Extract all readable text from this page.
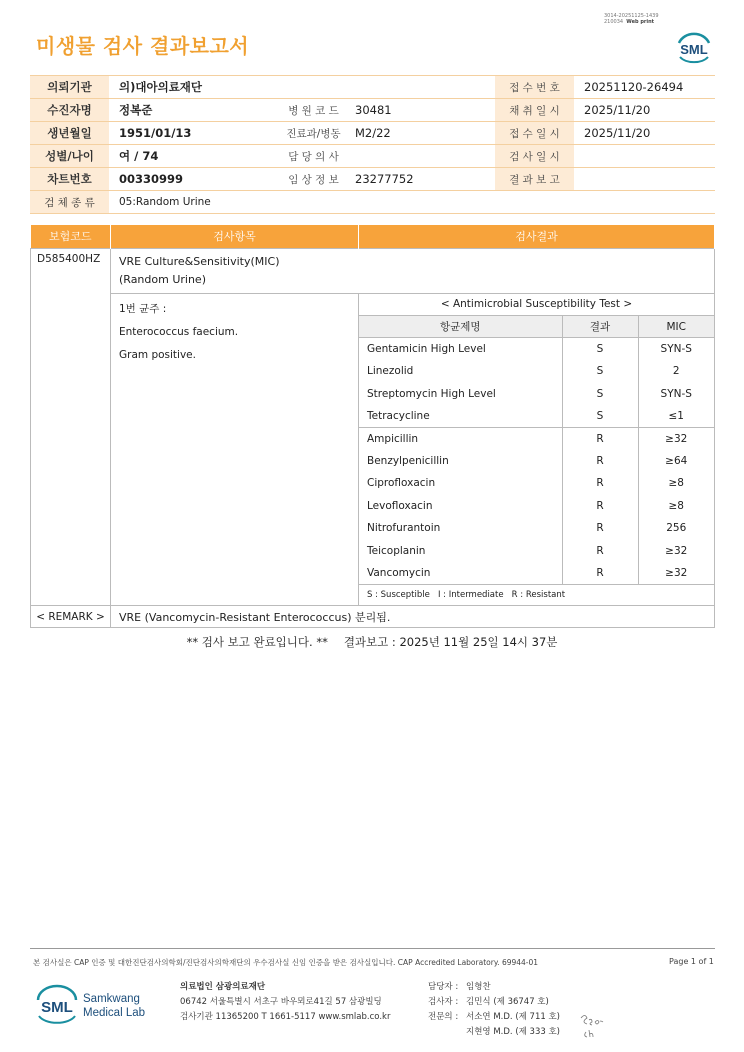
3014-20251125-1439
210034 Web print
미생물 검사 결과보고서	SML
의뢰기관	의)대아의료재단			접 수 번 호	20251120-26494
수진자명	정복준	병 원 코 드	30481	채 취 일 시	2025/11/20
생년월일	1951/01/13	진료과/병동	M2/22	접 수 일 시	2025/11/20
성별/나이	여 / 74	담 당 의 사		검 사 일 시	
차트번호	00330999	임 상 정 보	23277752	결 과 보 고	
검 체 종 류	05:Random Urine				
보험코드	검사항목	검사결과
D585400HZ	VRE Culture&Sensitivity(MIC)
(Random Urine)

1번 균주 :
Enterococcus faecium.
Gram positive.

< Antimicrobial Susceptibility Test >
항균제명	결과	MIC
Gentamicin High Level	S	SYN-S
Linezolid	S	2
Streptomycin High Level	S	SYN-S
Tetracycline	S	≤1
Ampicillin	R	≥32
Benzylpenicillin	R	≥64
Ciprofloxacin	R	≥8
Levofloxacin	R	≥8
Nitrofurantoin	R	256
Teicoplanin	R	≥32
Vancomycin	R	≥32
S : Susceptible   I : Intermediate   R : Resistant

< REMARK >	VRE (Vancomycin-Resistant Enterococcus) 분리됨.
** 검사 보고 완료입니다. ** 결과보고 : 2025년 11월 25일 14시 37분
본 검사실은 CAP 인증 및 대한진단검사의학회/진단검사의학재단의 우수검사실 신임 인증을 받은 검사실입니다. CAP Accredited Laboratory. 69944-01	Page 1 of 1
SML Samkwang
Medical Lab
의료법인 삼광의료재단
06742 서울특별시 서초구 바우뫼로41길 57 삼광빌딩
검사기관 11365200 T 1661-5117 www.smlab.co.kr
담당자 : 임형찬
검사자 : 김민식 (제 36747 호)
전문의 : 서소연 M.D. (제 711 호)
지현영 M.D. (제 333 호)
